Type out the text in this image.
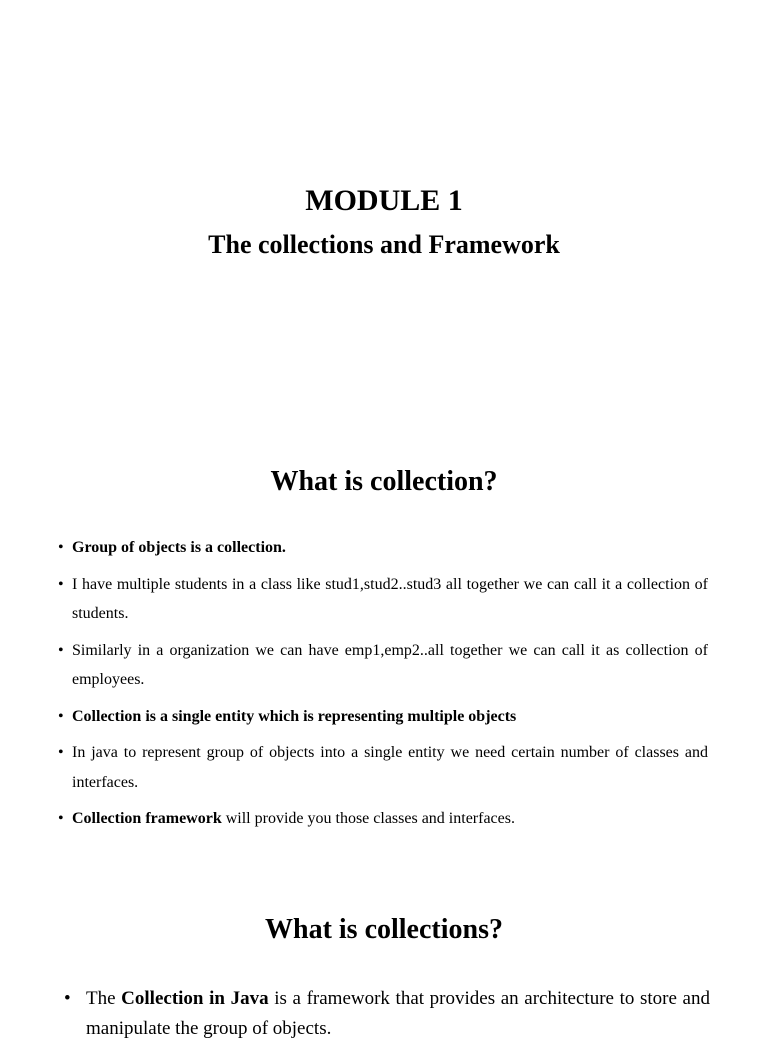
MODULE 1
The collections and Framework
What is collection?
• Group of objects is a collection.
• I have multiple students in a class like stud1,stud2..stud3 all together we can call it a collection of students.
• Similarly in a organization we can have emp1,emp2..all together we can call it as collection of employees.
• Collection is a single entity which is representing multiple objects
• In java to represent group of objects into a single entity we need certain number of classes and interfaces.
• Collection framework will provide you those classes and interfaces.
What is collections?
• The Collection in Java is a framework that provides an architecture to store and manipulate the group of objects.
